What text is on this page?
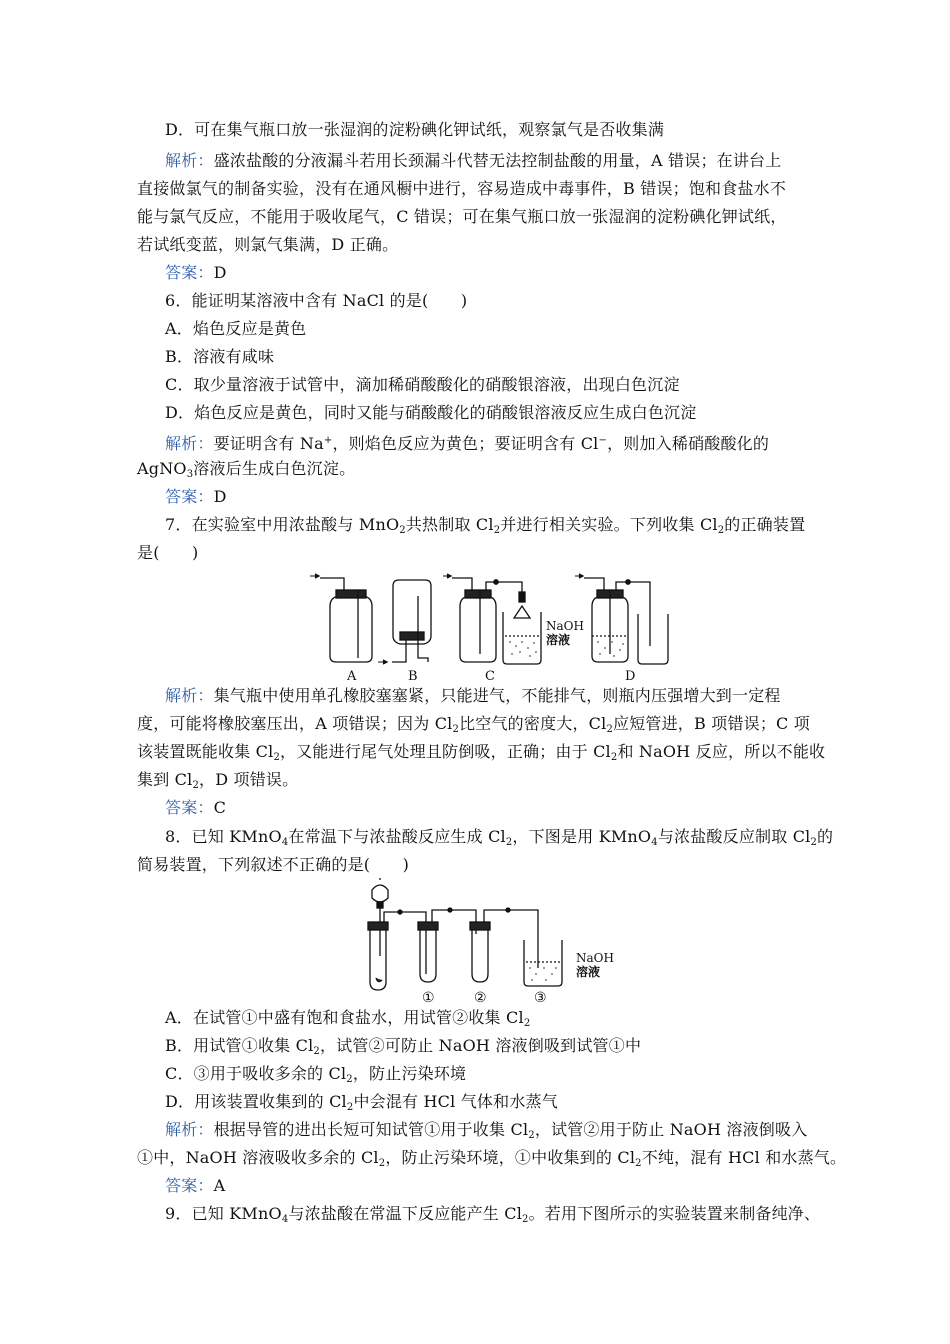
D．可在集气瓶口放一张湿润的淀粉碘化钾试纸，观察氯气是否收集满
解析：盛浓盐酸的分液漏斗若用长颈漏斗代替无法控制盐酸的用量，A 错误；在讲台上
直接做氯气的制备实验，没有在通风橱中进行，容易造成中毒事件，B 错误；饱和食盐水不
能与氯气反应，不能用于吸收尾气，C 错误；可在集气瓶口放一张湿润的淀粉碘化钾试纸，
若试纸变蓝，则氯气集满，D 正确。
答案：D
6．能证明某溶液中含有 NaCl 的是(　　)
A．焰色反应是黄色
B．溶液有咸味
C．取少量溶液于试管中，滴加稀硝酸酸化的硝酸银溶液，出现白色沉淀
D．焰色反应是黄色，同时又能与硝酸酸化的硝酸银溶液反应生成白色沉淀
解析：要证明含有 Na+，则焰色反应为黄色；要证明含有 Cl−，则加入稀硝酸酸化的
AgNO$_3$溶液后生成白色沉淀。
答案：D
7．在实验室中用浓盐酸与 MnO$_2$共热制取 $Cl_2$并进行相关实验。下列收集 $Cl_2$的正确装置
是(　　)
NaOH
溶液
A	B	C	D
解析：集气瓶中使用单孔橡胶塞塞紧，只能进气，不能排气，则瓶内压强增大到一定程
度，可能将橡胶塞压出，A 项错误；因为 $Cl_2$比空气的密度大，$Cl_2$应短管进，B 项错误；C 项
该装置既能收集 $Cl_2$，又能进行尾气处理且防倒吸，正确；由于 $Cl_2$和 NaOH 反应，所以不能收
集到 $Cl_2$，D 项错误。
答案：C
8．已知 KMnO$_4$在常温下与浓盐酸反应生成 $Cl_2$，下图是用 KMnO$_4$与浓盐酸反应制取 $Cl_2$的
简易装置，下列叙述不正确的是(　　)
NaOH
溶液
①	②	③
A．在试管①中盛有饱和食盐水，用试管②收集 $Cl_2$
B．用试管①收集 $Cl_2$，试管②可防止 NaOH 溶液倒吸到试管①中
C．③用于吸收多余的 $Cl_2$，防止污染环境
D．用该装置收集到的 $Cl_2$中会混有 HCl 气体和水蒸气
解析：根据导管的进出长短可知试管①用于收集 $Cl_2$，试管②用于防止 NaOH 溶液倒吸入
①中，NaOH 溶液吸收多余的 $Cl_2$，防止污染环境，①中收集到的 $Cl_2$不纯，混有 HCl 和水蒸气。
答案：A
9．已知 KMnO$_4$与浓盐酸在常温下反应能产生 $Cl_2$。若用下图所示的实验装置来制备纯净、
